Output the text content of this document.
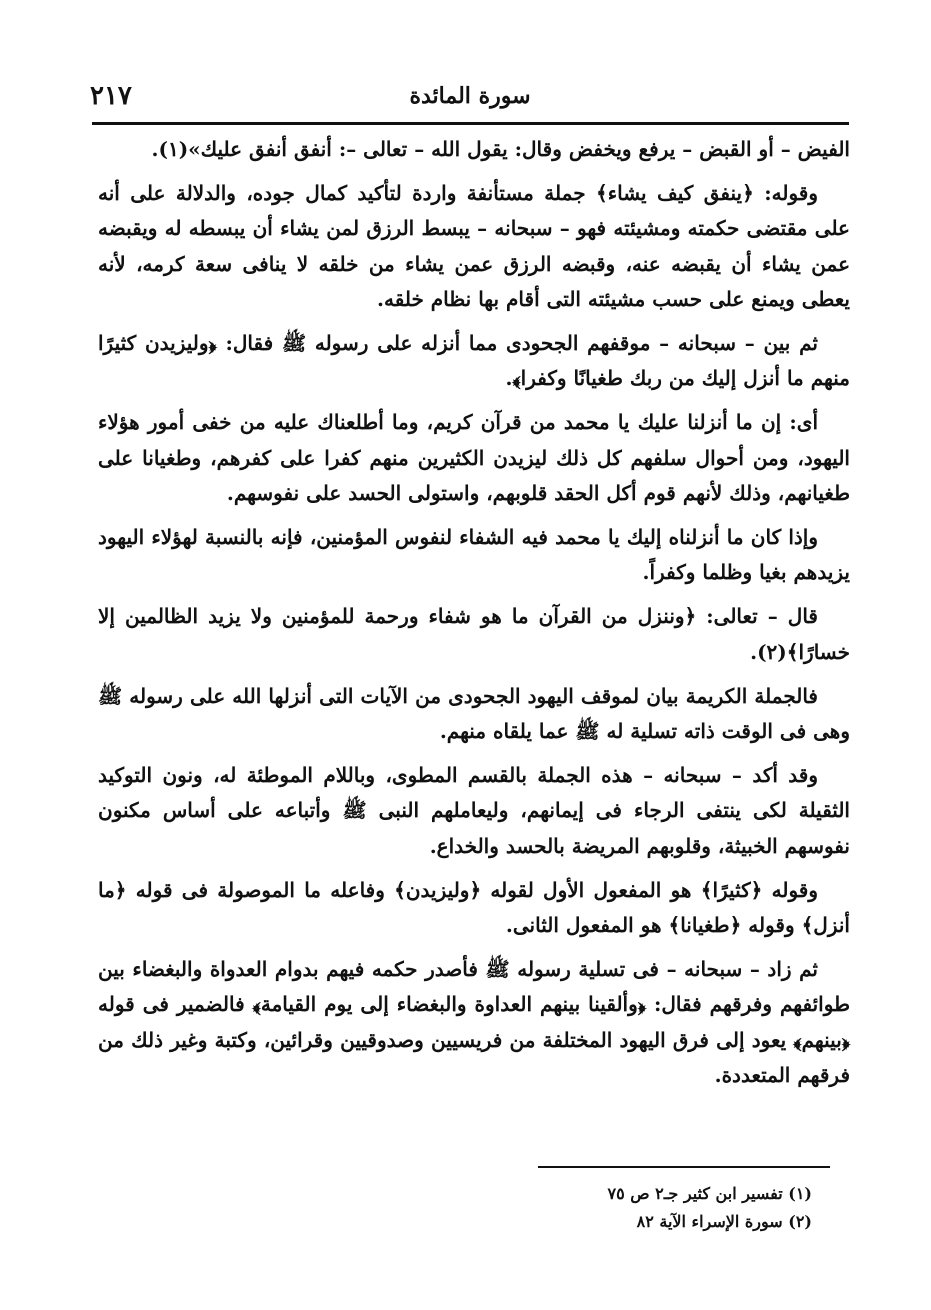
٢١٧	سورة المائدة

الفيض – أو القبض – يرفع ويخفض وقال: يقول الله – تعالى –: أنفق أنفق عليك»(١).

وقوله: ﴿ينفق كيف يشاء﴾ جملة مستأنفة واردة لتأكيد كمال جوده، والدلالة على أنه على مقتضى حكمته ومشيئته فهو – سبحانه – يبسط الرزق لمن يشاء أن يبسطه له ويقبضه عمن يشاء أن يقبضه عنه، وقبضه الرزق عمن يشاء من خلقه لا ينافى سعة كرمه، لأنه يعطى ويمنع على حسب مشيئته التى أقام بها نظام خلقه.

ثم بين – سبحانه – موقفهم الجحودى مما أنزله على رسوله ﷺ فقال: ﴿وليزيدن كثيرًا منهم ما أنزل إليك من ربك طغيانًا وكفرا﴾.

أى: إن ما أنزلنا عليك يا محمد من قرآن كريم، وما أطلعناك عليه من خفى أمور هؤلاء اليهود، ومن أحوال سلفهم كل ذلك ليزيدن الكثيرين منهم كفرا على كفرهم، وطغيانا على طغيانهم، وذلك لأنهم قوم أكل الحقد قلوبهم، واستولى الحسد على نفوسهم.

وإذا كان ما أنزلناه إليك يا محمد فيه الشفاء لنفوس المؤمنين، فإنه بالنسبة لهؤلاء اليهود يزيدهم بغيا وظلما وكفراً.

قال – تعالى: ﴿وننزل من القرآن ما هو شفاء ورحمة للمؤمنين ولا يزيد الظالمين إلا خسارًا﴾(٢).

فالجملة الكريمة بيان لموقف اليهود الجحودى من الآيات التى أنزلها الله على رسوله ﷺ وهى فى الوقت ذاته تسلية له ﷺ عما يلقاه منهم.

وقد أكد – سبحانه – هذه الجملة بالقسم المطوى، وباللام الموطئة له، ونون التوكيد الثقيلة لكى ينتفى الرجاء فى إيمانهم، وليعاملهم النبى ﷺ وأتباعه على أساس مكنون نفوسهم الخبيثة، وقلوبهم المريضة بالحسد والخداع.

وقوله ﴿كثيرًا﴾ هو المفعول الأول لقوله ﴿وليزيدن﴾ وفاعله ما الموصولة فى قوله ﴿ما أنزل﴾ وقوله ﴿طغيانا﴾ هو المفعول الثانى.

ثم زاد – سبحانه – فى تسلية رسوله ﷺ فأصدر حكمه فيهم بدوام العدواة والبغضاء بين طوائفهم وفرقهم فقال: ﴿وألقينا بينهم العداوة والبغضاء إلى يوم القيامة﴾ فالضمير فى قوله ﴿بينهم﴾ يعود إلى فرق اليهود المختلفة من فريسيين وصدوقيين وقرائين، وكتبة وغير ذلك من فرقهم المتعددة.

(١) تفسير ابن كثير جـ٢ ص ٧٥
(٢) سورة الإسراء الآية ٨٢
